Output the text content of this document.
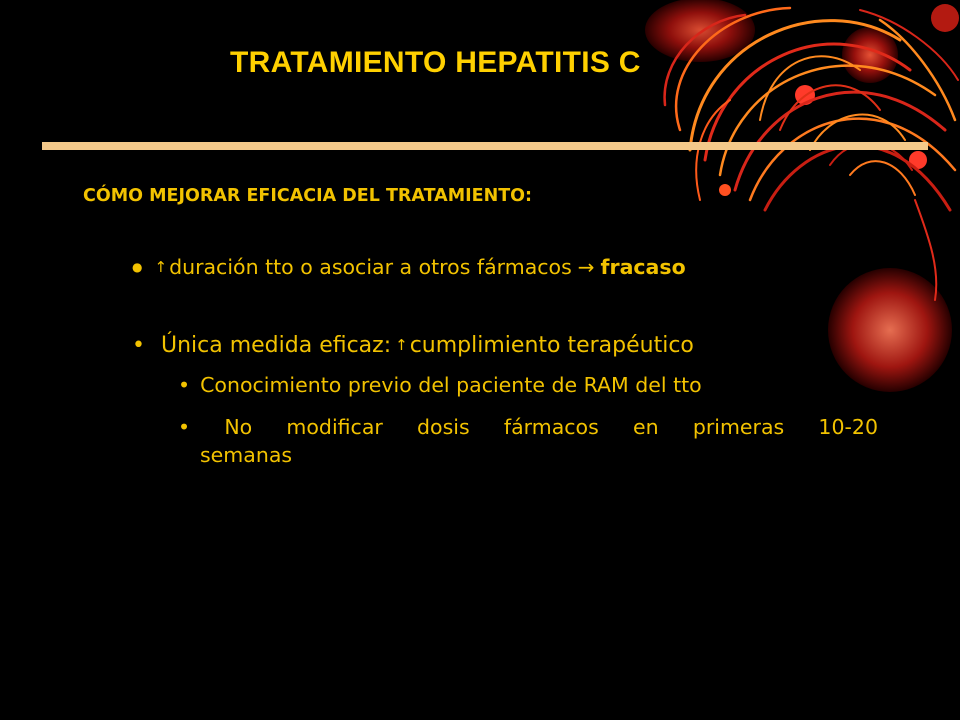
TRATAMIENTO HEPATITIS C
CÓMO MEJORAR EFICACIA DEL TRATAMIENTO:
● ↑duración tto o asociar a otros fármacos → fracaso
• Única medida eficaz: ↑cumplimiento terapéutico
• Conocimiento previo del paciente de RAM del tto
• No modificar dosis fármacos en primeras 10-20
semanas
